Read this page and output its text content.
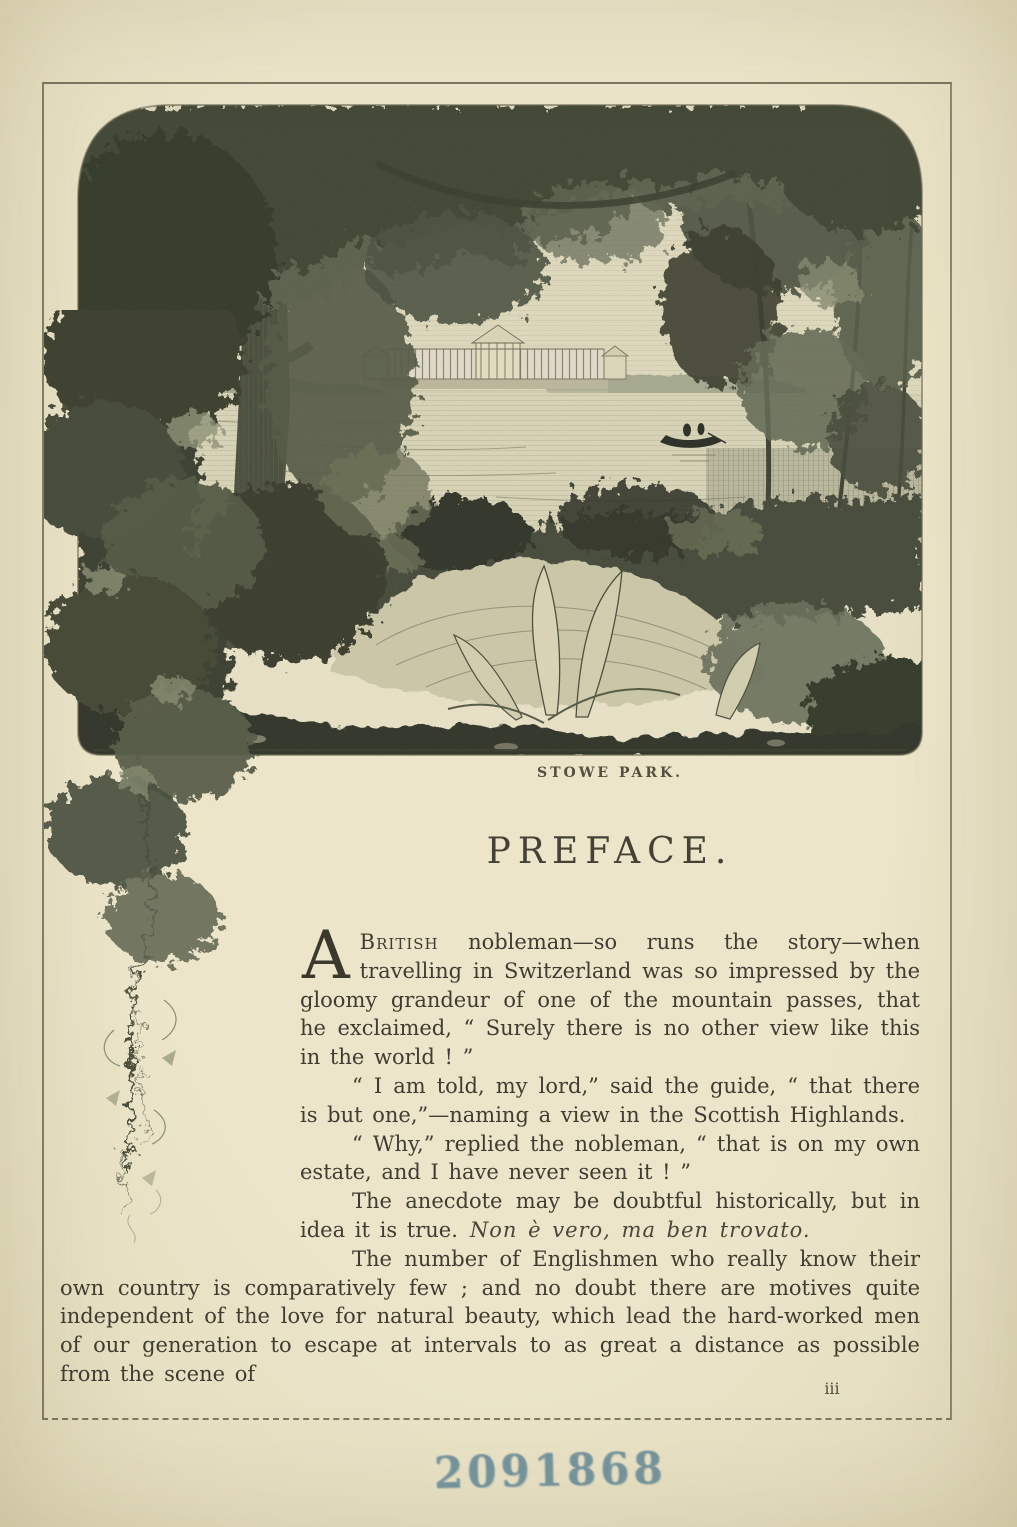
STOWE PARK.

PREFACE.

A British nobleman—so runs the story—when travelling in Switzerland was so impressed by the gloomy grandeur of one of the mountain passes, that he exclaimed, “ Surely there is no other view like this in the world ! ”

“ I am told, my lord,” said the guide, “ that there is but one,”—naming a view in the Scottish Highlands.

“ Why,” replied the nobleman, “ that is on my own estate, and I have never seen it ! ”

The anecdote may be doubtful historically, but in idea it is true. Non è vero, ma ben trovato.

The number of Englishmen who really know their own country is comparatively few ; and no doubt there are motives quite independent of the love for natural beauty, which lead the hard-worked men of our generation to escape at intervals to as great a distance as possible from the scene of

iii
2091868
